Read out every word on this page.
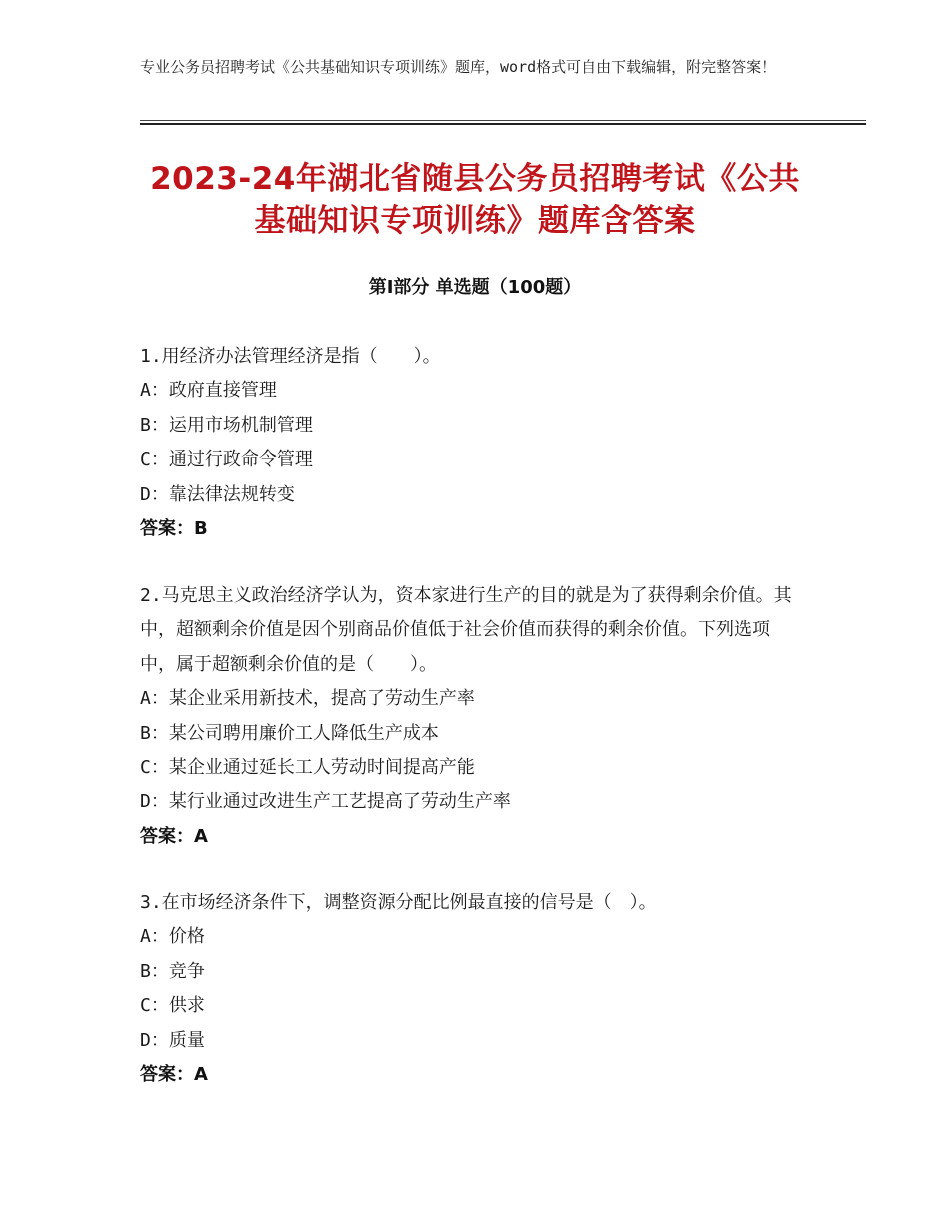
专业公务员招聘考试《公共基础知识专项训练》题库，word格式可自由下载编辑，附完整答案！
2023-24年湖北省随县公务员招聘考试《公共基础知识专项训练》题库含答案
第Ⅰ部分 单选题（100题）

1.用经济办法管理经济是指（　　）。

A：政府直接管理

B：运用市场机制管理

C：通过行政命令管理

D：靠法律法规转变

答案：B

2.马克思主义政治经济学认为，资本家进行生产的目的就是为了获得剩余价值。其中，超额剩余价值是因个别商品价值低于社会价值而获得的剩余价值。下列选项中，属于超额剩余价值的是（　　）。

A：某企业采用新技术，提高了劳动生产率

B：某公司聘用廉价工人降低生产成本

C：某企业通过延长工人劳动时间提高产能

D：某行业通过改进生产工艺提高了劳动生产率

答案：A

3.在市场经济条件下，调整资源分配比例最直接的信号是（　）。

A：价格

B：竞争

C：供求

D：质量

答案：A
